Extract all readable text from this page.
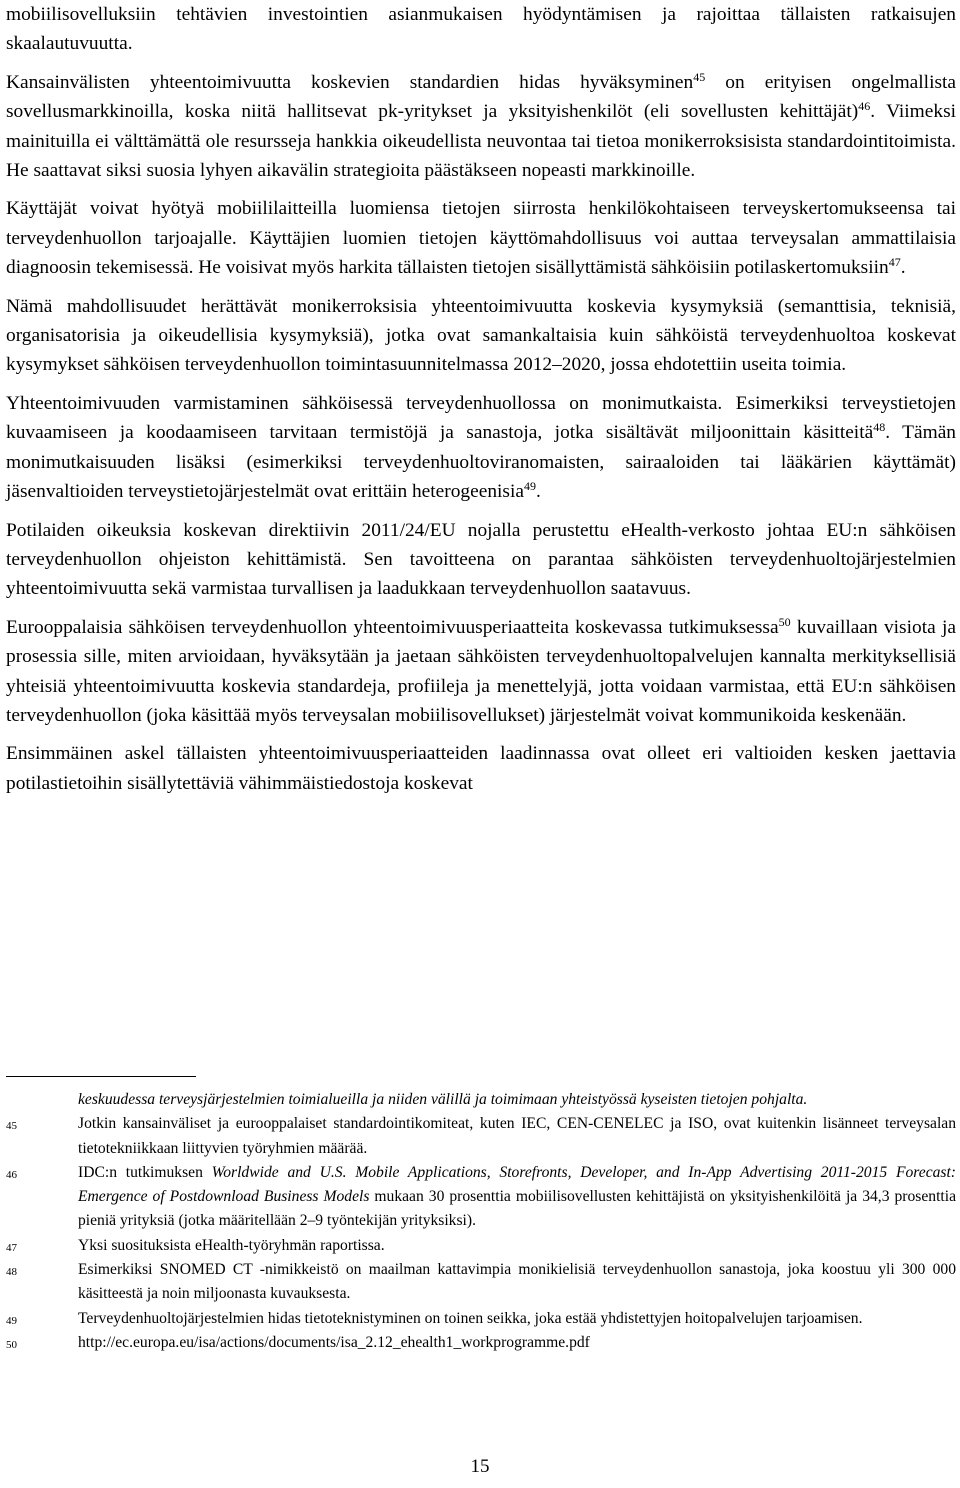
mobiilisovelluksiin tehtävien investointien asianmukaisen hyödyntämisen ja rajoittaa tällaisten ratkaisujen skaalautuvuutta.

Kansainvälisten yhteentoimivuutta koskevien standardien hidas hyväksyminen$^{45}$ on erityisen ongelmallista sovellusmarkkinoilla, koska niitä hallitsevat pk-yritykset ja yksityishenkilöt (eli sovellusten kehittäjät)$^{46}$. Viimeksi mainituilla ei välttämättä ole resursseja hankkia oikeudellista neuvontaa tai tietoa monikerroksisista standardointitoimista. He saattavat siksi suosia lyhyen aikavälin strategioita päästäkseen nopeasti markkinoille.

Käyttäjät voivat hyötyä mobiililaitteilla luomiensa tietojen siirrosta henkilökohtaiseen terveyskertomukseensa tai terveydenhuollon tarjoajalle. Käyttäjien luomien tietojen käyttömahdollisuus voi auttaa terveysalan ammattilaisia diagnoosin tekemisessä. He voisivat myös harkita tällaisten tietojen sisällyttämistä sähköisiin potilaskertomuksiin$^{47}$.

Nämä mahdollisuudet herättävät monikerroksisia yhteentoimivuutta koskevia kysymyksiä (semanttisia, teknisiä, organisatorisia ja oikeudellisia kysymyksiä), jotka ovat samankaltaisia kuin sähköistä terveydenhuoltoa koskevat kysymykset sähköisen terveydenhuollon toimintasuunnitelmassa 2012–2020, jossa ehdotettiin useita toimia.

Yhteentoimivuuden varmistaminen sähköisessä terveydenhuollossa on monimutkaista. Esimerkiksi terveystietojen kuvaamiseen ja koodaamiseen tarvitaan termistöjä ja sanastoja, jotka sisältävät miljoonittain käsitteitä$^{48}$. Tämän monimutkaisuuden lisäksi (esimerkiksi terveydenhuoltoviranomaisten, sairaaloiden tai lääkärien käyttämät) jäsenvaltioiden terveystietojärjestelmät ovat erittäin heterogeenisia$^{49}$.

Potilaiden oikeuksia koskevan direktiivin 2011/24/EU nojalla perustettu eHealth-verkosto johtaa EU:n sähköisen terveydenhuollon ohjeiston kehittämistä. Sen tavoitteena on parantaa sähköisten terveydenhuoltojärjestelmien yhteentoimivuutta sekä varmistaa turvallisen ja laadukkaan terveydenhuollon saatavuus.

Eurooppalaisia sähköisen terveydenhuollon yhteentoimivuusperiaatteita koskevassa tutkimuksessa$^{50}$ kuvaillaan visiota ja prosessia sille, miten arvioidaan, hyväksytään ja jaetaan sähköisten terveydenhuoltopalvelujen kannalta merkityksellisiä yhteisiä yhteentoimivuutta koskevia standardeja, profiileja ja menettelyjä, jotta voidaan varmistaa, että EU:n sähköisen terveydenhuollon (joka käsittää myös terveysalan mobiilisovellukset) järjestelmät voivat kommunikoida keskenään.

Ensimmäinen askel tällaisten yhteentoimivuusperiaatteiden laadinnassa ovat olleet eri valtioiden kesken jaettavia potilastietoihin sisällytettäviä vähimmäistiedostoja koskevat

keskuudessa terveysjärjestelmien toimialueilla ja niiden välillä ja toimimaan yhteistyössä kyseisten tietojen pohjalta.

45	Jotkin kansainväliset ja eurooppalaiset standardointikomiteat, kuten IEC, CEN-CENELEC ja ISO, ovat kuitenkin lisänneet terveysalan tietotekniikkaan liittyvien työryhmien määrää.

46	IDC:n tutkimuksen Worldwide and U.S. Mobile Applications, Storefronts, Developer, and In-App Advertising 2011-2015 Forecast: Emergence of Postdownload Business Models mukaan 30 prosenttia mobiilisovellusten kehittäjistä on yksityishenkilöitä ja 34,3 prosenttia pieniä yrityksiä (jotka määritellään 2–9 työntekijän yrityksiksi).

47	Yksi suosituksista eHealth-työryhmän raportissa.

48	Esimerkiksi SNOMED CT -nimikkeistö on maailman kattavimpia monikielisiä terveydenhuollon sanastoja, joka koostuu yli 300 000 käsitteestä ja noin miljoonasta kuvauksesta.

49	Terveydenhuoltojärjestelmien hidas tietoteknistyminen on toinen seikka, joka estää yhdistettyjen hoitopalvelujen tarjoamisen.

50	http://ec.europa.eu/isa/actions/documents/isa_2.12_ehealth1_workprogramme.pdf

15
